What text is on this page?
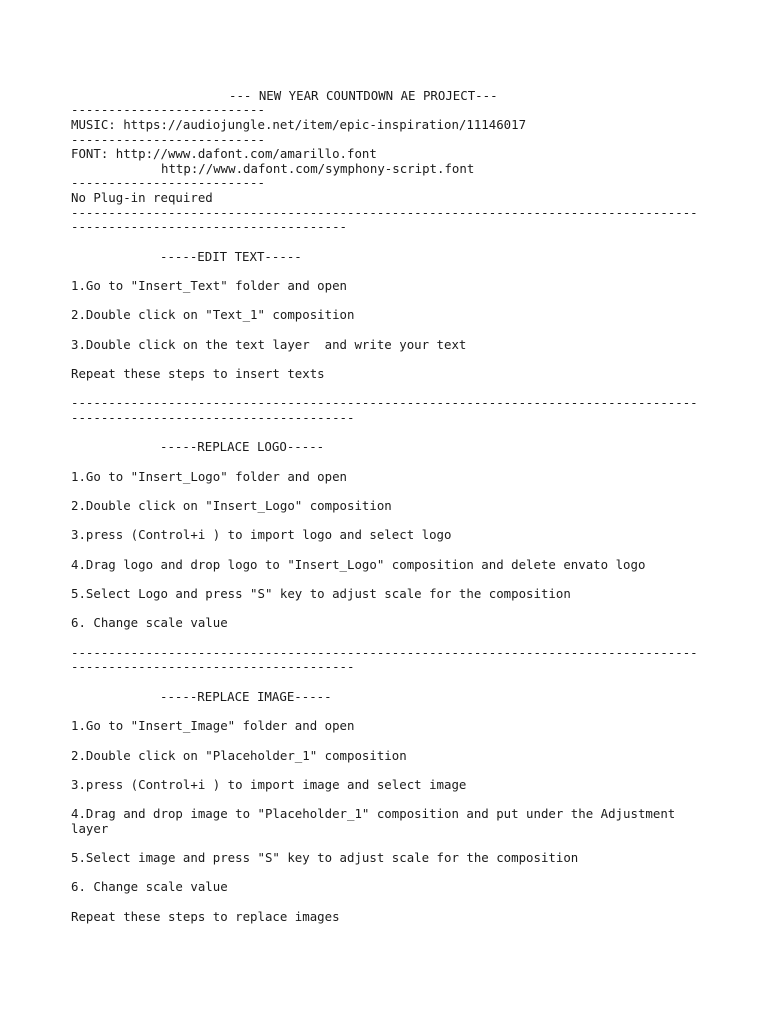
--- NEW YEAR COUNTDOWN AE PROJECT---

--------------------------

MUSIC: https://audiojungle.net/item/epic-inspiration/11146017

--------------------------

FONT: http://www.dafont.com/amarillo.font

http://www.dafont.com/symphony-script.font

--------------------------

No Plug-in required

------------------------------------------------------------------------------------

-------------------------------------

-----EDIT TEXT-----

1.Go to "Insert_Text" folder and open

2.Double click on "Text_1" composition

3.Double click on the text layer  and write your text

Repeat these steps to insert texts

------------------------------------------------------------------------------------

--------------------------------------

-----REPLACE LOGO-----

1.Go to "Insert_Logo" folder and open

2.Double click on "Insert_Logo" composition

3.press (Control+i ) to import logo and select logo

4.Drag logo and drop logo to "Insert_Logo" composition and delete envato logo

5.Select Logo and press "S" key to adjust scale for the composition

6. Change scale value

------------------------------------------------------------------------------------

--------------------------------------

-----REPLACE IMAGE-----

1.Go to "Insert_Image" folder and open

2.Double click on "Placeholder_1" composition

3.press (Control+i ) to import image and select image

4.Drag and drop image to "Placeholder_1" composition and put under the Adjustment

layer

5.Select image and press "S" key to adjust scale for the composition

6. Change scale value

Repeat these steps to replace images
